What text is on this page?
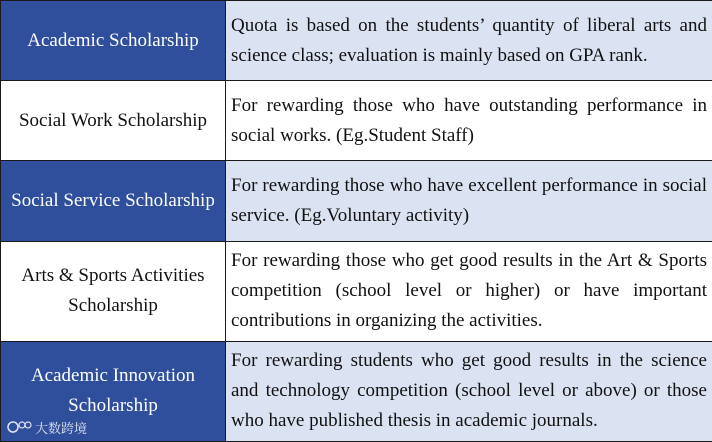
Academic Scholarship	Quota is based on the students’ quantity of liberal arts and science class; evaluation is mainly based on GPA rank.
Social Work Scholarship	For rewarding those who have outstanding performance in social works. (Eg.Student Staff)
Social Service Scholarship	For rewarding those who have excellent performance in social service. (Eg.Voluntary activity)
Arts & Sports Activities Scholarship	For rewarding those who get good results in the Art & Sports competition (school level or higher) or have important contributions in organizing the activities.
Academic Innovation Scholarship	For rewarding students who get good results in the science and technology competition (school level or above) or those who have published thesis in academic journals.
大数跨境
